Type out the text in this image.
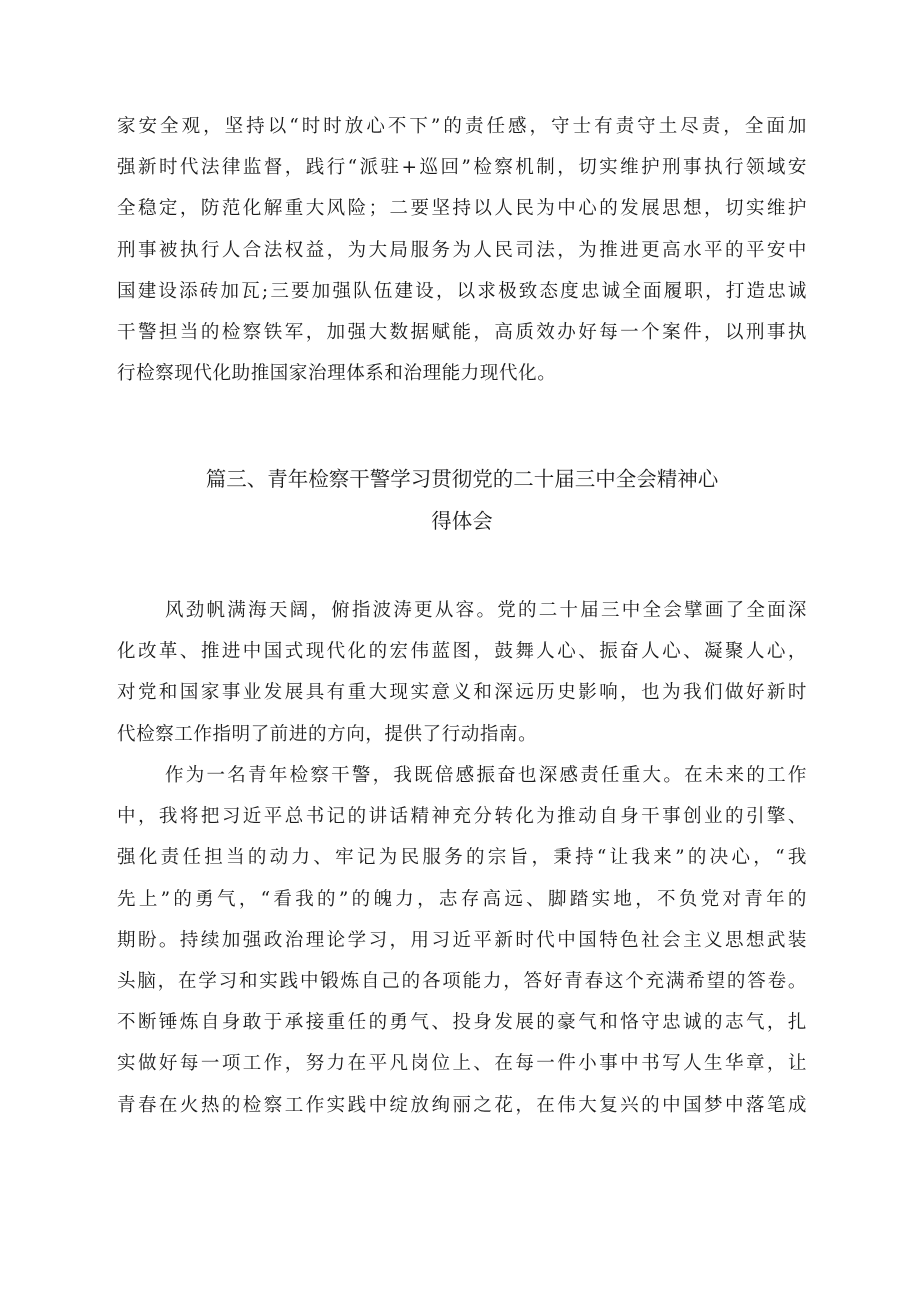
家安全观，坚持以“时时放心不下”的责任感，守士有责守土尽责，全面加
强新时代法律监督，践行“派驻+巡回”检察机制，切实维护刑事执行领域安
全稳定，防范化解重大风险；二要坚持以人民为中心的发展思想，切实维护
刑事被执行人合法权益，为大局服务为人民司法，为推进更高水平的平安中
国建设添砖加瓦;三要加强队伍建设，以求极致态度忠诚全面履职，打造忠诚
干警担当的检察铁军，加强大数据赋能，高质效办好每一个案件，以刑事执
行检察现代化助推国家治理体系和治理能力现代化。
篇三、青年检察干警学习贯彻党的二十届三中全会精神心
得体会
风劲帆满海天阔，俯指波涛更从容。党的二十届三中全会擘画了全面深
化改革、推进中国式现代化的宏伟蓝图，鼓舞人心、振奋人心、凝聚人心，
对党和国家事业发展具有重大现实意义和深远历史影响，也为我们做好新时
代检察工作指明了前进的方向，提供了行动指南。
作为一名青年检察干警，我既倍感振奋也深感责任重大。在未来的工作
中，我将把习近平总书记的讲话精神充分转化为推动自身干事创业的引擎、
强化责任担当的动力、牢记为民服务的宗旨，秉持“让我来”的决心，“我
先上”的勇气，“看我的”的魄力，志存高远、脚踏实地，不负党对青年的
期盼。持续加强政治理论学习，用习近平新时代中国特色社会主义思想武装
头脑，在学习和实践中锻炼自己的各项能力，答好青春这个充满希望的答卷。
不断锤炼自身敢于承接重任的勇气、投身发展的豪气和恪守忠诚的志气，扎
实做好每一项工作，努力在平凡岗位上、在每一件小事中书写人生华章，让
青春在火热的检察工作实践中绽放绚丽之花，在伟大复兴的中国梦中落笔成
